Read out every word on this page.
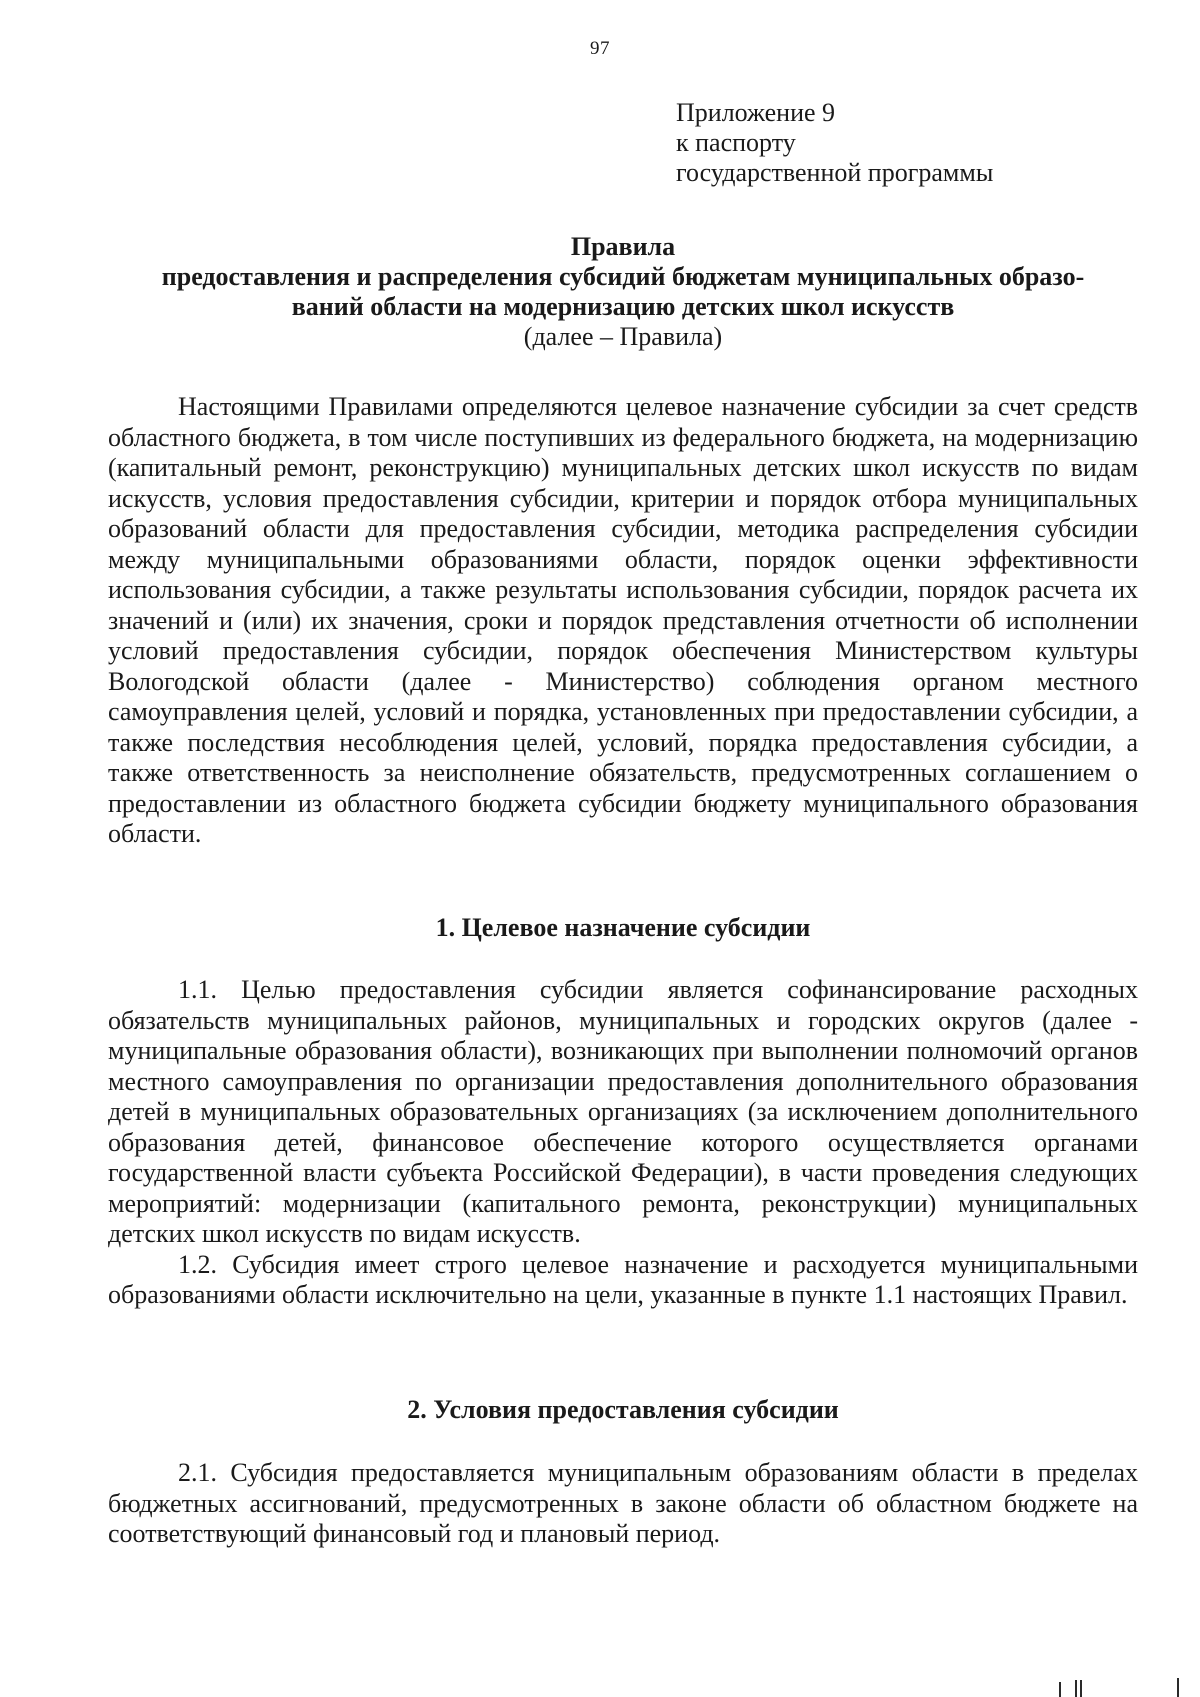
97
Приложение 9
к паспорту
государственной программы
Правила
предоставления и распределения субсидий бюджетам муниципальных образо-
ваний области на модернизацию детских школ искусств
(далее – Правила)

Настоящими Правилами определяются целевое назначение субсидии за счет средств областного бюджета, в том числе поступивших из федерального бюджета, на модернизацию (капитальный ремонт, реконструкцию) муниципальных детских школ искусств по видам искусств, условия предоставления субсидии, критерии и порядок отбора муниципальных образований области для предоставления субсидии, методика распределения субсидии между муниципальными образованиями области, порядок оценки эффективности использования субсидии, а также результаты использования субсидии, порядок расчета их значений и (или) их значения, сроки и порядок представления отчетности об исполнении условий предоставления субсидии, порядок обеспечения Министерством культуры Вологодской области (далее - Министерство) соблюдения органом местного самоуправления целей, условий и порядка, установленных при предоставлении субсидии, а также последствия несоблюдения целей, условий, порядка предоставления субсидии, а также ответственность за неисполнение обязательств, предусмотренных соглашением о предоставлении из областного бюджета субсидии бюджету муниципального образования области.

1. Целевое назначение субсидии

1.1. Целью предоставления субсидии является софинансирование расходных обязательств муниципальных районов, муниципальных и городских округов (далее - муниципальные образования области), возникающих при выполнении полномочий органов местного самоуправления по организации предоставления дополнительного образования детей в муниципальных образовательных организациях (за исключением дополнительного образования детей, финансовое обеспечение которого осуществляется органами государственной власти субъекта Российской Федерации), в части проведения следующих мероприятий: модернизации (капитального ремонта, реконструкции) муниципальных детских школ искусств по видам искусств.

1.2. Субсидия имеет строго целевое назначение и расходуется муниципальными образованиями области исключительно на цели, указанные в пункте 1.1 настоящих Правил.

2. Условия предоставления субсидии

2.1. Субсидия предоставляется муниципальным образованиям области в пределах бюджетных ассигнований, предусмотренных в законе области об областном бюджете на соответствующий финансовый год и плановый период.
